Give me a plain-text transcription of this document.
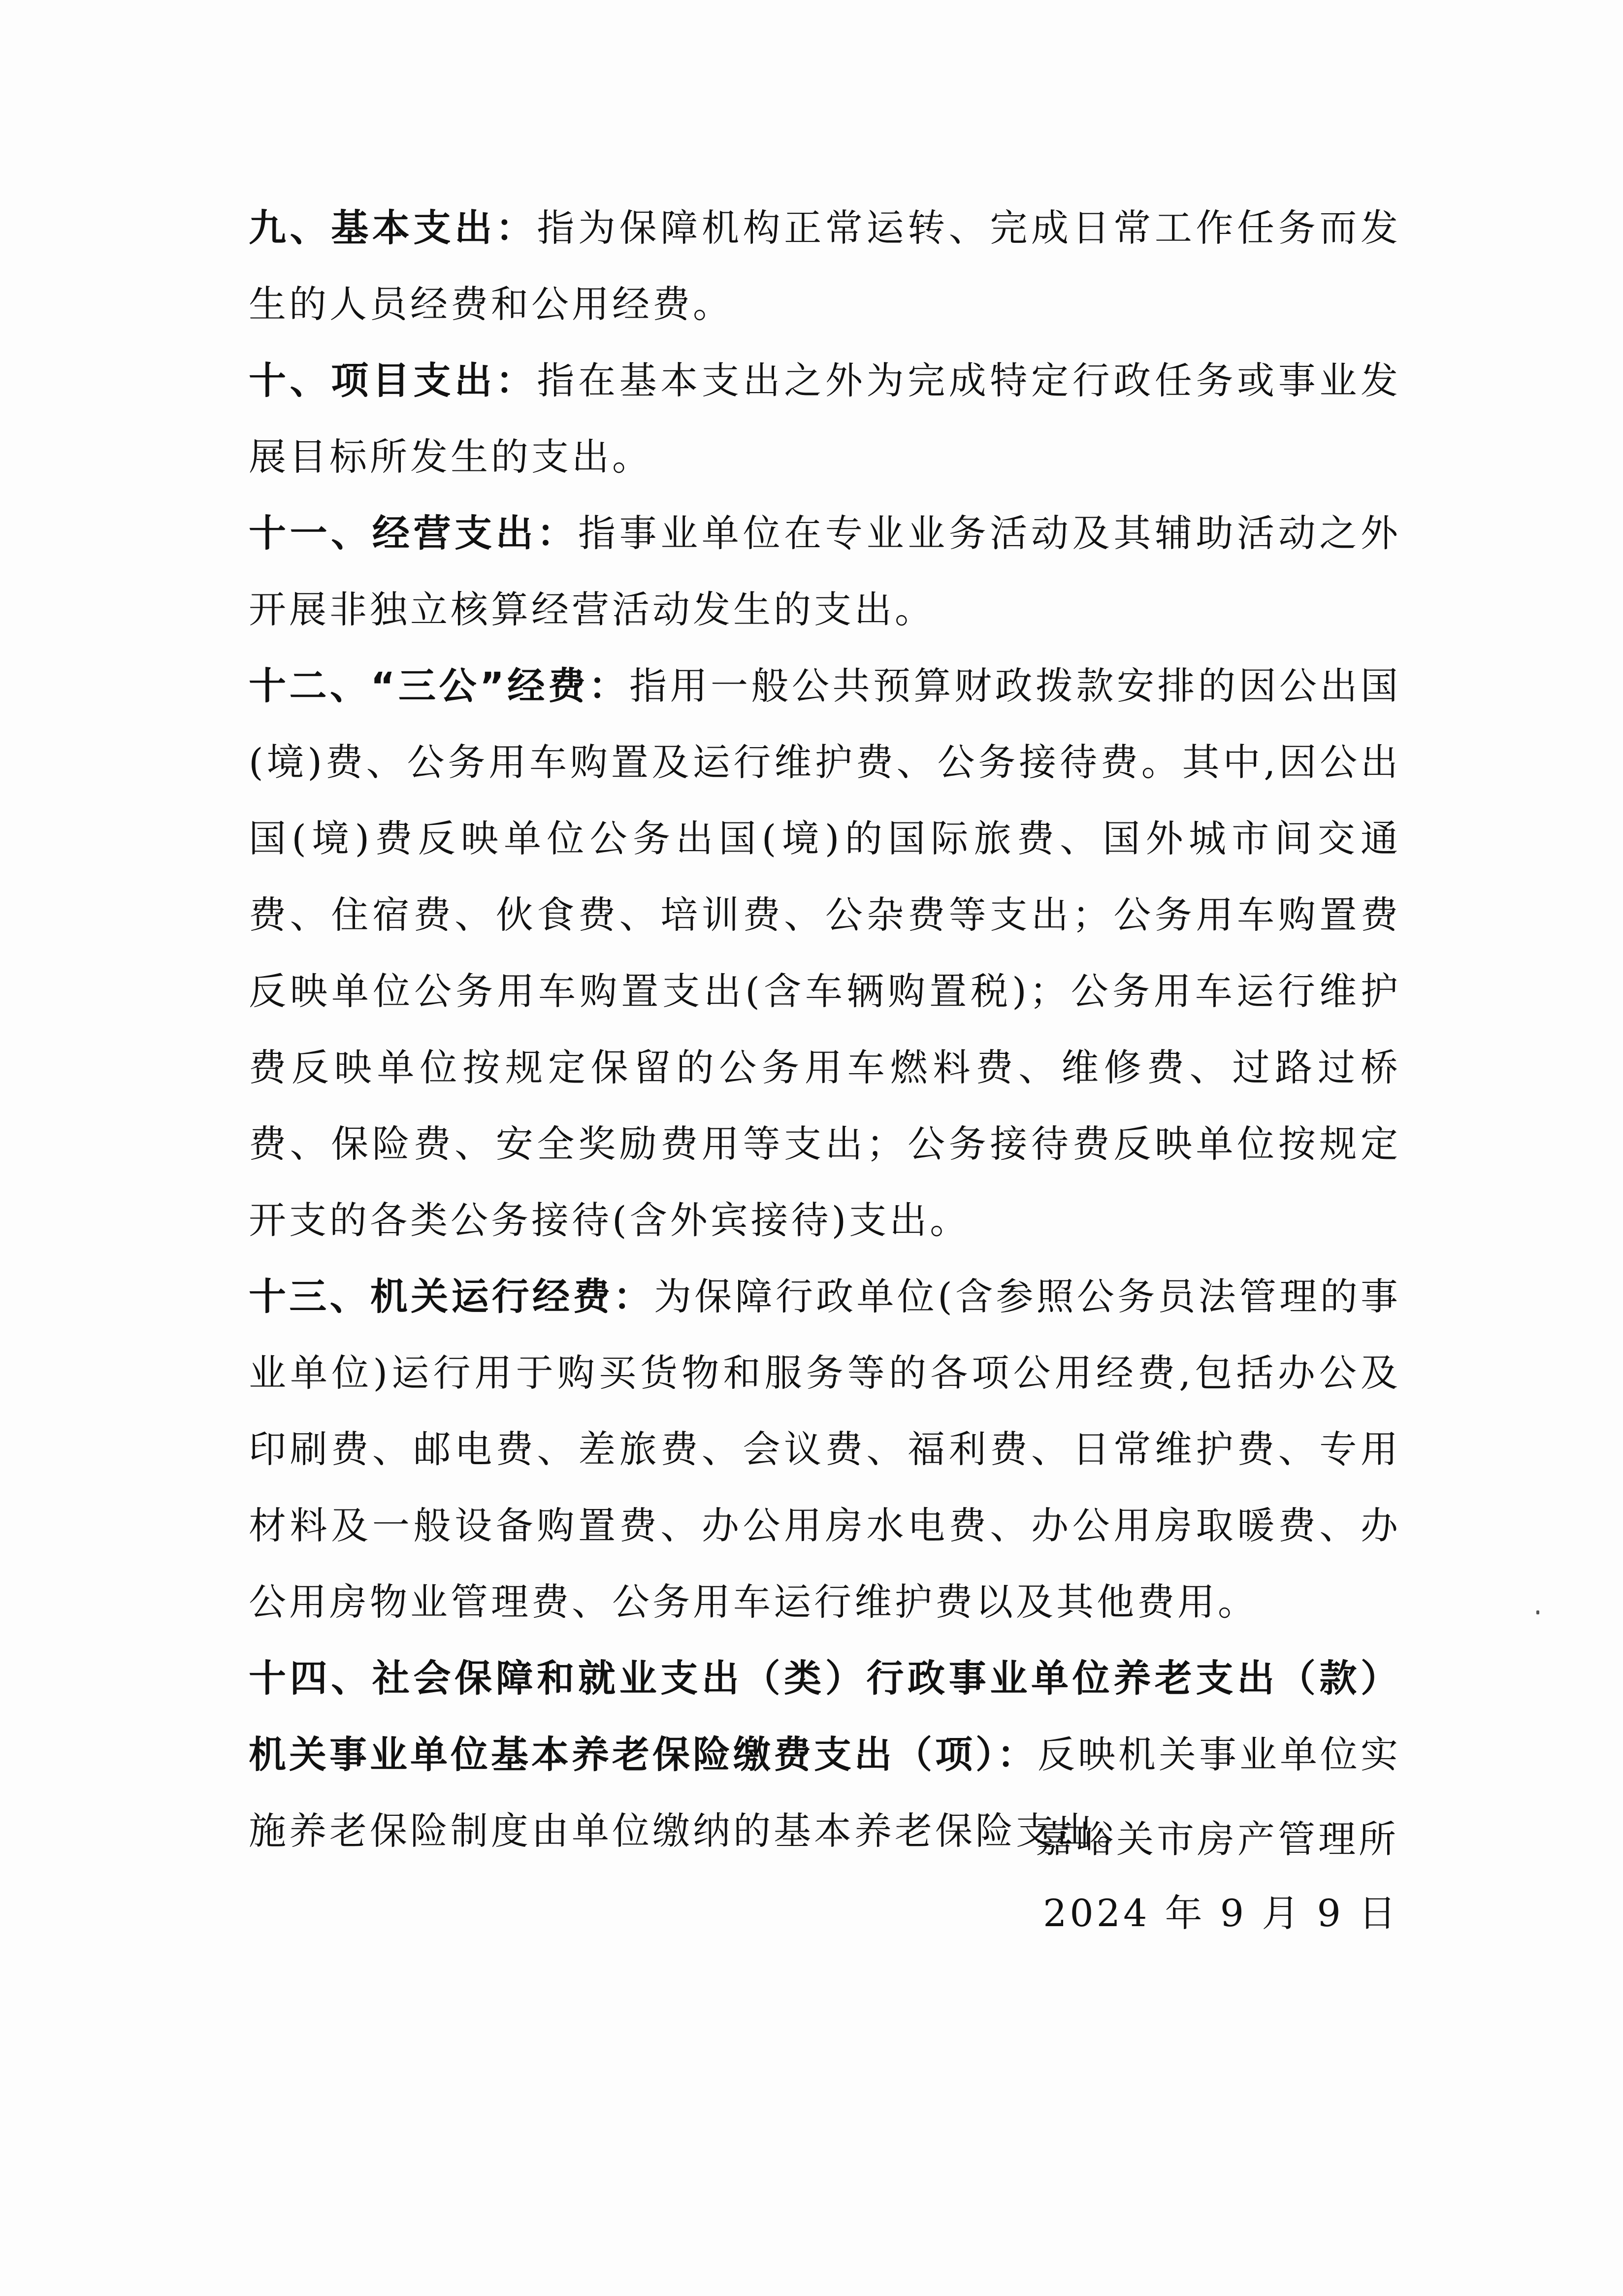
九、基本支出：指为保障机构正常运转、完成日常工作任务而发生的人员经费和公用经费。

十、项目支出：指在基本支出之外为完成特定行政任务或事业发展目标所发生的支出。

十一、经营支出：指事业单位在专业业务活动及其辅助活动之外开展非独立核算经营活动发生的支出。

十二、“三公”经费：指用一般公共预算财政拨款安排的因公出国(境)费、公务用车购置及运行维护费、公务接待费。其中,因公出国(境)费反映单位公务出国(境)的国际旅费、国外城市间交通费、住宿费、伙食费、培训费、公杂费等支出；公务用车购置费反映单位公务用车购置支出(含车辆购置税)；公务用车运行维护费反映单位按规定保留的公务用车燃料费、维修费、过路过桥费、保险费、安全奖励费用等支出；公务接待费反映单位按规定开支的各类公务接待(含外宾接待)支出。

十三、机关运行经费：为保障行政单位(含参照公务员法管理的事业单位)运行用于购买货物和服务等的各项公用经费,包括办公及印刷费、邮电费、差旅费、会议费、福利费、日常维护费、专用材料及一般设备购置费、办公用房水电费、办公用房取暖费、办公用房物业管理费、公务用车运行维护费以及其他费用。

十四、社会保障和就业支出（类）行政事业单位养老支出（款）机关事业单位基本养老保险缴费支出（项）：反映机关事业单位实施养老保险制度由单位缴纳的基本养老保险支出。

嘉峪关市房产管理所
2024 年 9 月 9 日
